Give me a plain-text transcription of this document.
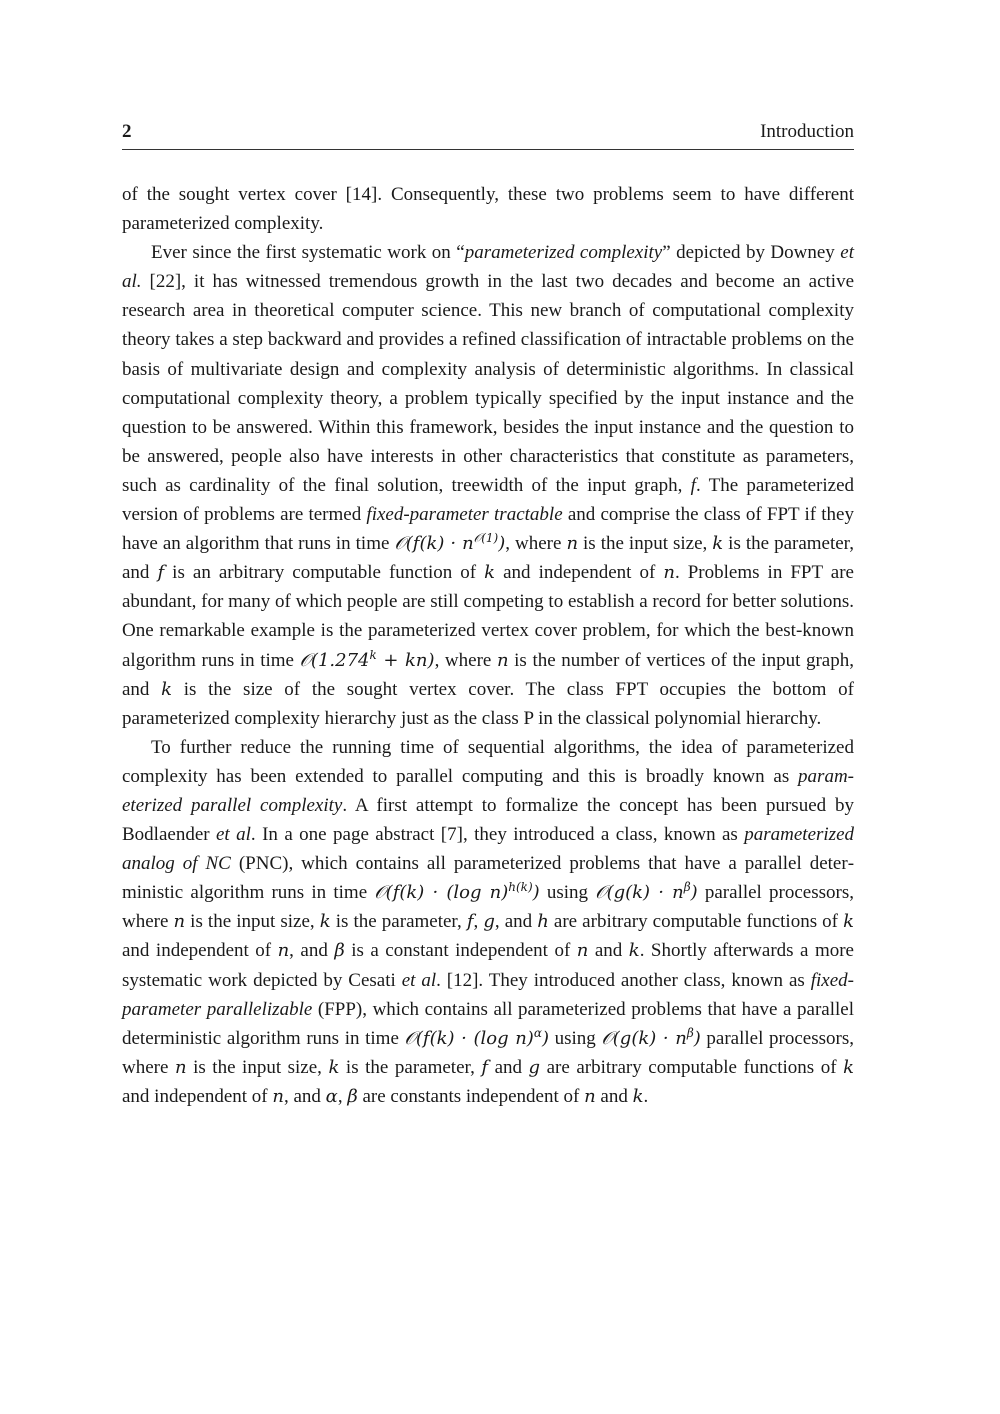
2	Introduction

of the sought vertex cover [14]. Consequently, these two problems seem to have different parameterized complexity.

Ever since the first systematic work on “parameterized complexity” depicted by Downey et al. [22], it has witnessed tremendous growth in the last two decades and become an active research area in theoretical computer science. This new branch of computational complexity theory takes a step backward and provides a refined classification of intractable problems on the basis of multivariate design and complexity analysis of deterministic algorithms. In classical computational complexity theory, a problem typically specified by the input instance and the question to be answered. Within this framework, besides the input instance and the question to be answered, people also have interests in other characteristics that constitute as parameters, such as cardinality of the final solution, treewidth of the input graph, f. The parameterized version of problems are termed fixed-parameter tractable and comprise the class of FPT if they have an algorithm that runs in time 𝒪(f(k) · $n^{𝒪(1)}$), where n is the input size, k is the parameter, and f is an arbitrary computable function of k and independent of n. Problems in FPT are abundant, for many of which people are still competing to establish a record for better solutions. One remarkable example is the parameterized vertex cover problem, for which the best-known algorithm runs in time $𝒪(1.274^k + kn)$, where n is the number of vertices of the input graph, and k is the size of the sought vertex cover. The class FPT occupies the bottom of parameterized complexity hierarchy just as the class P in the classical polynomial hierarchy.

To further reduce the running time of sequential algorithms, the idea of parameterized complexity has been extended to parallel computing and this is broadly known as parameterized parallel complexity. A first attempt to formalize the concept has been pursued by Bodlaender et al. In a one page abstract [7], they introduced a class, known as parameterized analog of NC (PNC), which contains all parameterized problems that have a parallel deterministic algorithm runs in time 𝒪(f(k) · (log n)$^{h(k)}$) using 𝒪(g(k) · $n^\beta$) parallel processors, where n is the input size, k is the parameter, f, g, and h are arbitrary computable functions of k and independent of n, and β is a constant independent of n and k. Shortly afterwards a more systematic work depicted by Cesati et al. [12]. They introduced another class, known as fixed-parameter parallelizable (FPP), which contains all parameterized problems that have a parallel deterministic algorithm runs in time 𝒪(f(k) · (log n)$^\alpha$) using 𝒪(g(k) · $n^\beta$) parallel processors, where n is the input size, k is the parameter, f and g are arbitrary computable functions of k and independent of n, and α, β are constants independent of n and k.
